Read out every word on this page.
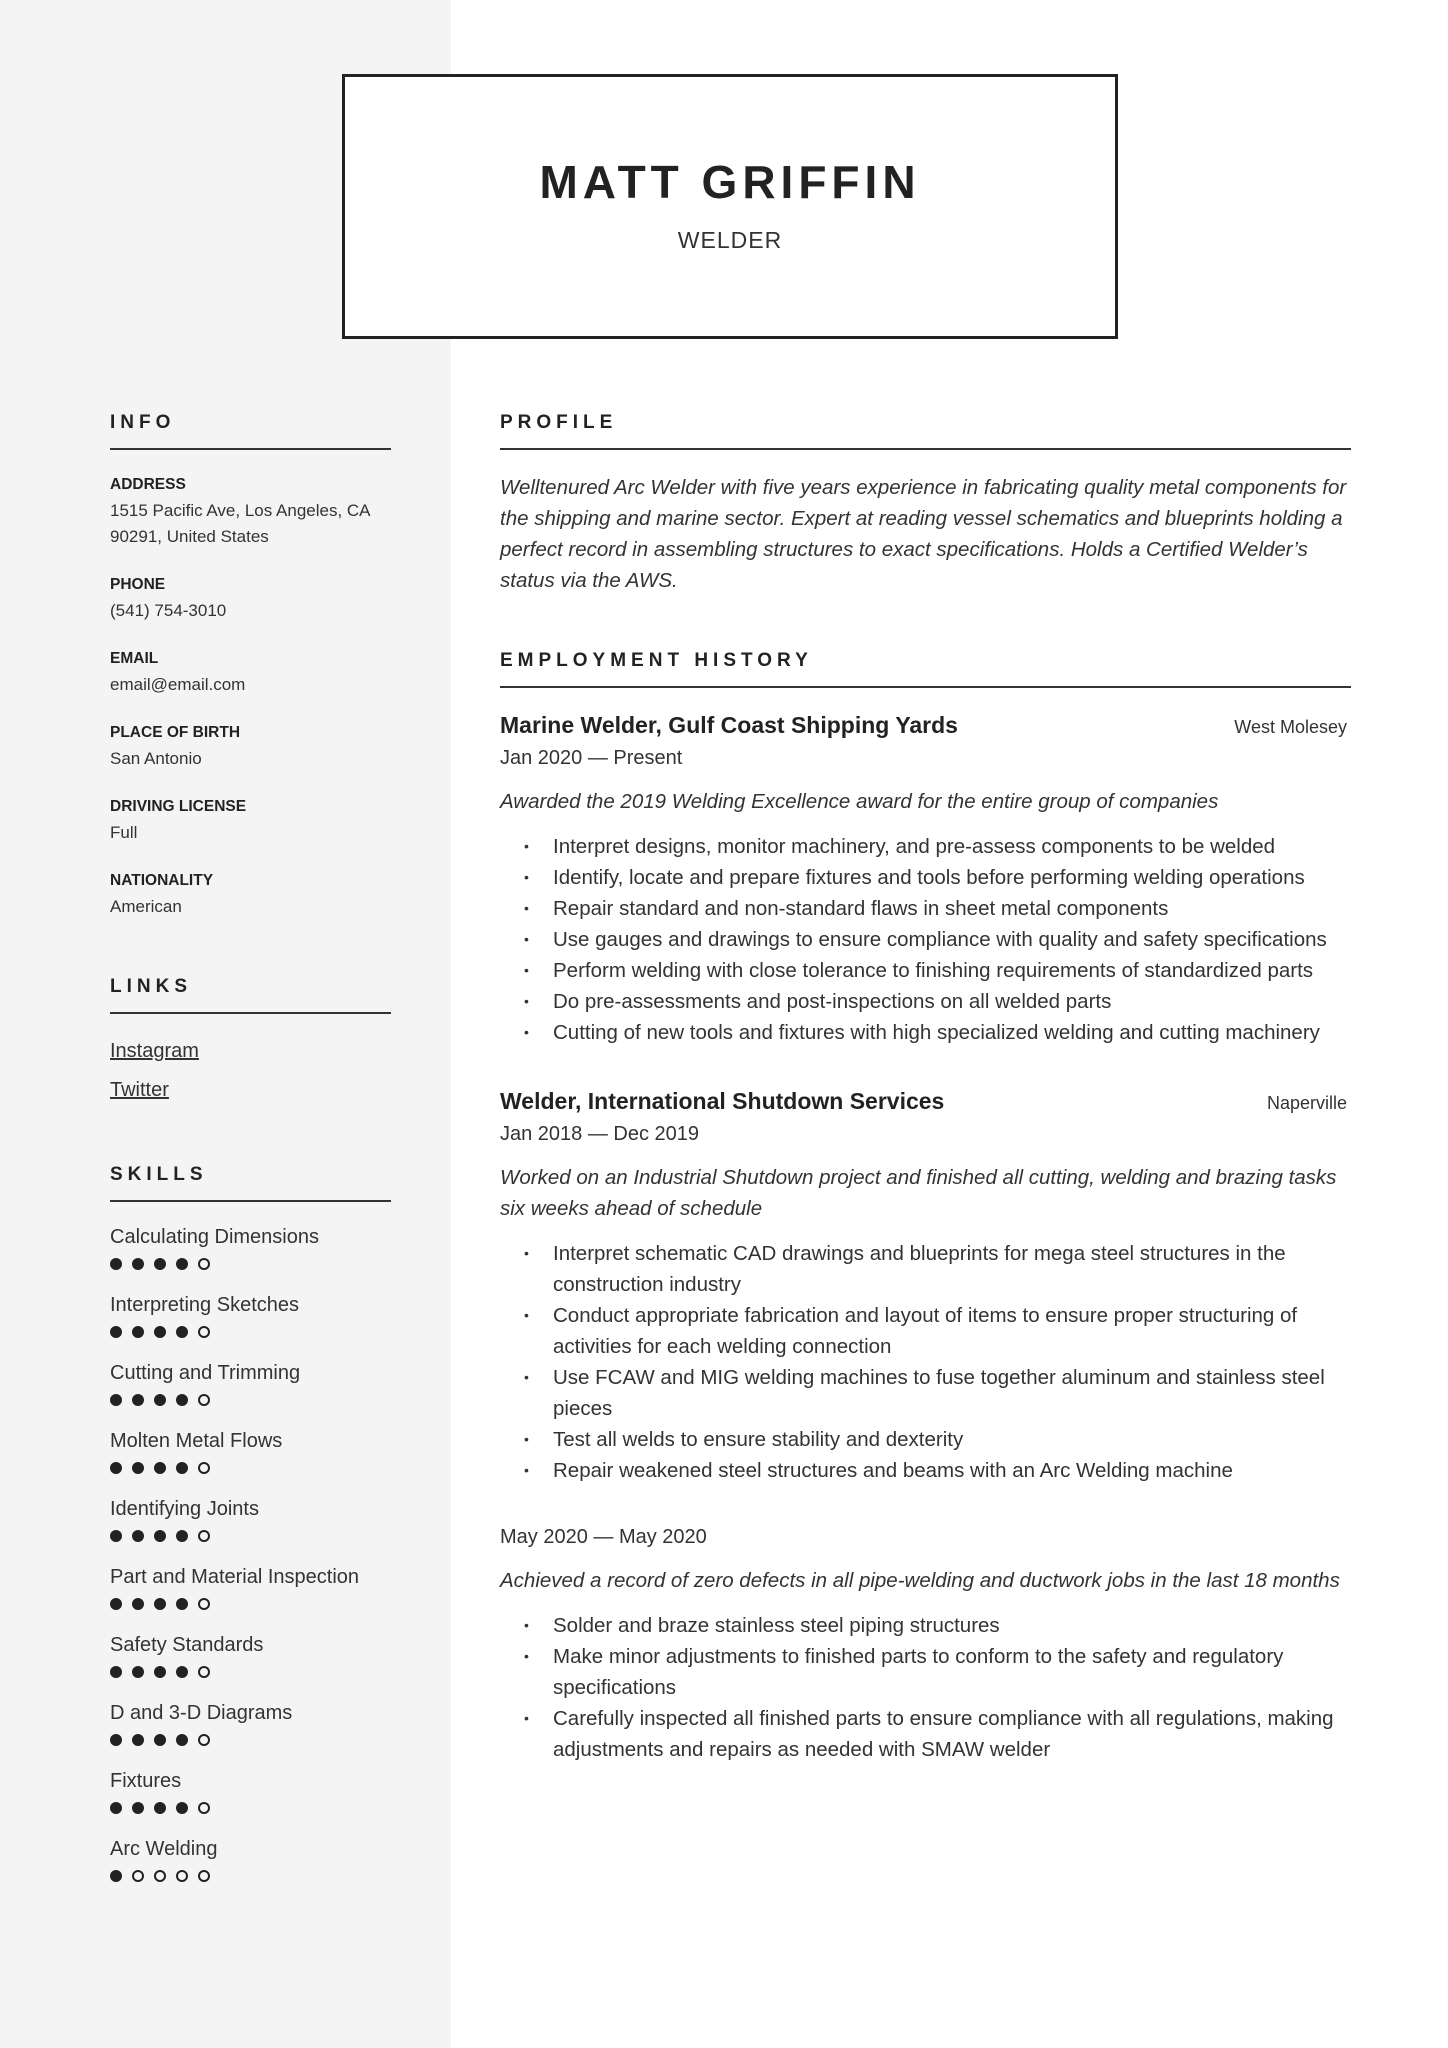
MATT GRIFFIN
WELDER
INFO
ADDRESS
1515 Pacific Ave, Los Angeles, CA 90291, United States
PHONE
(541) 754-3010
EMAIL
email@email.com
PLACE OF BIRTH
San Antonio
DRIVING LICENSE
Full
NATIONALITY
American
LINKS
Instagram
Twitter
SKILLS
Calculating Dimensions
Interpreting Sketches
Cutting and Trimming
Molten Metal Flows
Identifying Joints
Part and Material Inspection
Safety Standards
D and 3-D Diagrams
Fixtures
Arc Welding
PROFILE

Welltenured Arc Welder with five years experience in fabricating quality metal components for the shipping and marine sector. Expert at reading vessel schematics and blueprints holding a perfect record in assembling structures to exact specifications. Holds a Certified Welder’s status via the AWS.

EMPLOYMENT HISTORY
Marine Welder, Gulf Coast Shipping Yards	West Molesey
Jan 2020 — Present
Awarded the 2019 Welding Excellence award for the entire group of companies
• Interpret designs, monitor machinery, and pre-assess components to be welded
• Identify, locate and prepare fixtures and tools before performing welding operations
• Repair standard and non-standard flaws in sheet metal components
• Use gauges and drawings to ensure compliance with quality and safety specifications
• Perform welding with close tolerance to finishing requirements of standardized parts
• Do pre-assessments and post-inspections on all welded parts
• Cutting of new tools and fixtures with high specialized welding and cutting machinery
Welder, International Shutdown Services	Naperville
Jan 2018 — Dec 2019
Worked on an Industrial Shutdown project and finished all cutting, welding and brazing tasks six weeks ahead of schedule
• Interpret schematic CAD drawings and blueprints for mega steel structures in the construction industry
• Conduct appropriate fabrication and layout of items to ensure proper structuring of activities for each welding connection
• Use FCAW and MIG welding machines to fuse together aluminum and stainless steel pieces
• Test all welds to ensure stability and dexterity
• Repair weakened steel structures and beams with an Arc Welding machine
May 2020 — May 2020
Achieved a record of zero defects in all pipe-welding and ductwork jobs in the last 18 months
• Solder and braze stainless steel piping structures
• Make minor adjustments to finished parts to conform to the safety and regulatory specifications
• Carefully inspected all finished parts to ensure compliance with all regulations, making adjustments and repairs as needed with SMAW welder
